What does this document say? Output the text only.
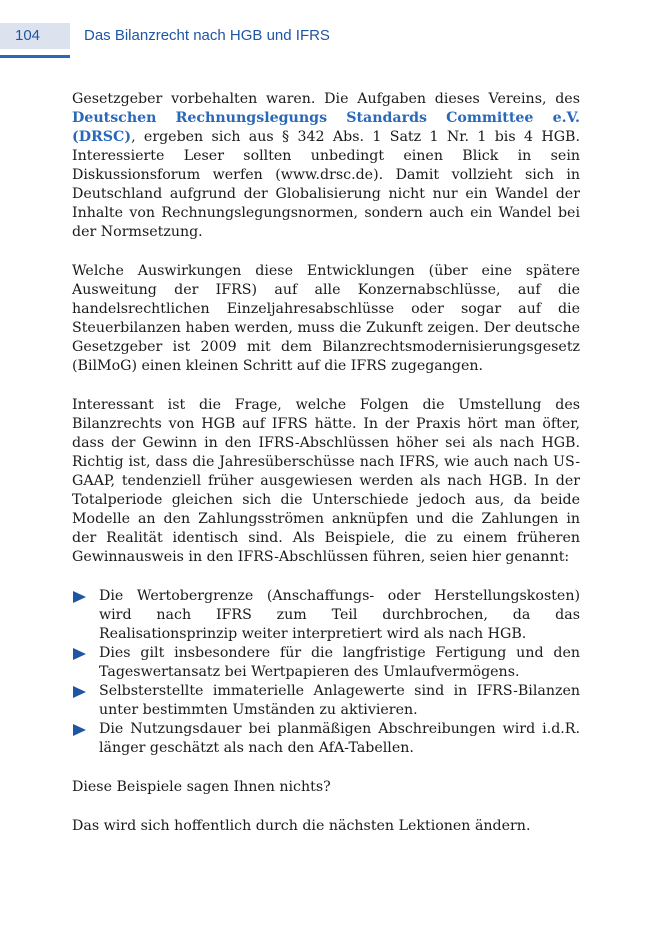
104	Das Bilanzrecht nach HGB und IFRS

Gesetzgeber vorbehalten waren. Die Aufgaben dieses Vereins, des Deutschen Rechnungslegungs Standards Committee e.V. (DRSC), ergeben sich aus § 342 Abs. 1 Satz 1 Nr. 1 bis 4 HGB. Interessierte Leser sollten unbedingt einen Blick in sein Diskussionsforum werfen (www.drsc.de). Damit vollzieht sich in Deutschland aufgrund der Globalisierung nicht nur ein Wandel der Inhalte von Rechnungslegungsnormen, sondern auch ein Wandel bei der Normsetzung.

Welche Auswirkungen diese Entwicklungen (über eine spätere Ausweitung der IFRS) auf alle Konzernabschlüsse, auf die handelsrechtlichen Einzeljahresabschlüsse oder sogar auf die Steuerbilanzen haben werden, muss die Zukunft zeigen. Der deutsche Gesetzgeber ist 2009 mit dem Bilanzrechtsmodernisierungsgesetz (BilMoG) einen kleinen Schritt auf die IFRS zugegangen.

Interessant ist die Frage, welche Folgen die Umstellung des Bilanzrechts von HGB auf IFRS hätte. In der Praxis hört man öfter, dass der Gewinn in den IFRS-Abschlüssen höher sei als nach HGB. Richtig ist, dass die Jahresüberschüsse nach IFRS, wie auch nach US-GAAP, tendenziell früher ausgewiesen werden als nach HGB. In der Totalperiode gleichen sich die Unterschiede jedoch aus, da beide Modelle an den Zahlungsströmen anknüpfen und die Zahlungen in der Realität identisch sind. Als Beispiele, die zu einem früheren Gewinnausweis in den IFRS-Abschlüssen führen, seien hier genannt:

Die Wertobergrenze (Anschaffungs- oder Herstellungskosten) wird nach IFRS zum Teil durchbrochen, da das Realisationsprinzip weiter interpretiert wird als nach HGB.
Dies gilt insbesondere für die langfristige Fertigung und den Tageswertansatz bei Wertpapieren des Umlaufvermögens.
Selbsterstellte immaterielle Anlagewerte sind in IFRS-Bilanzen unter bestimmten Umständen zu aktivieren.
Die Nutzungsdauer bei planmäßigen Abschreibungen wird i.d.R. länger geschätzt als nach den AfA-Tabellen.

Diese Beispiele sagen Ihnen nichts?

Das wird sich hoffentlich durch die nächsten Lektionen ändern.
